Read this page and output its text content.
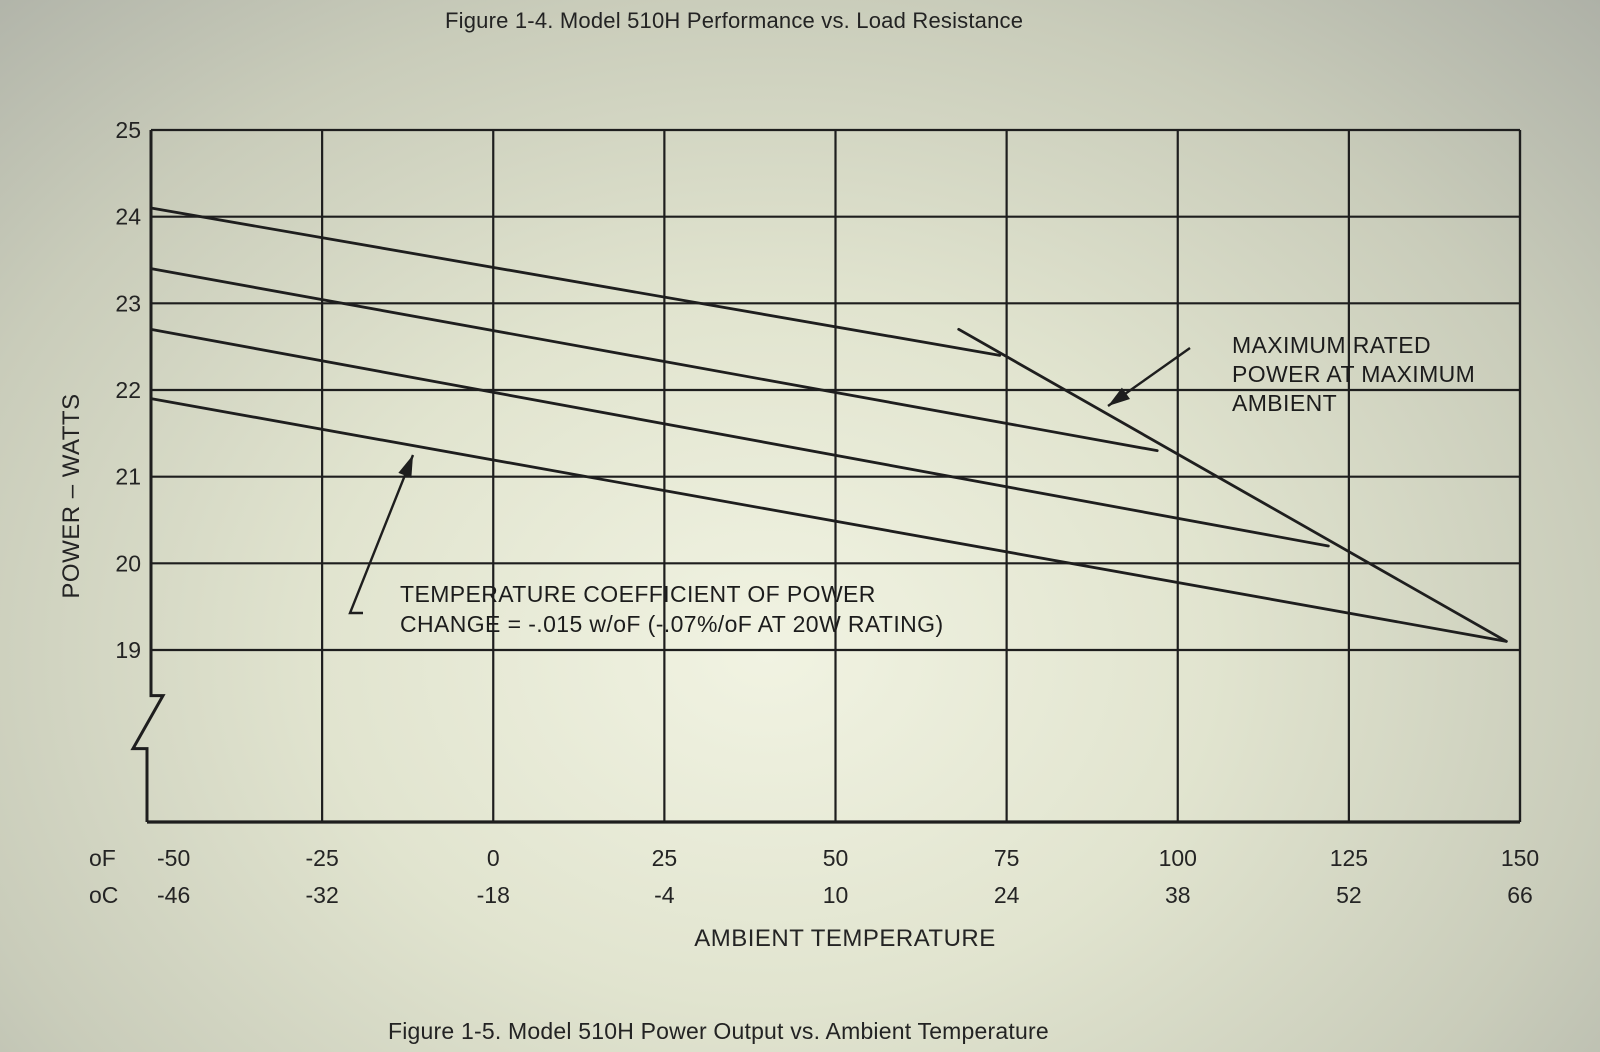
Figure 1-4. Model 510H Performance vs. Load Resistance
19
20
21
22
23
24
25
-50
-46
-25
-32
0
-18
25
-4
50
10
75
24
100
38
125
52
150
66
oF
oC
MAXIMUM RATED
POWER AT MAXIMUM
AMBIENT
TEMPERATURE COEFFICIENT OF POWER
CHANGE = -.015 w/oF (-.07%/oF AT 20W RATING)
AMBIENT TEMPERATURE
POWER – WATTS
Figure 1-5. Model 510H Power Output vs. Ambient Temperature
